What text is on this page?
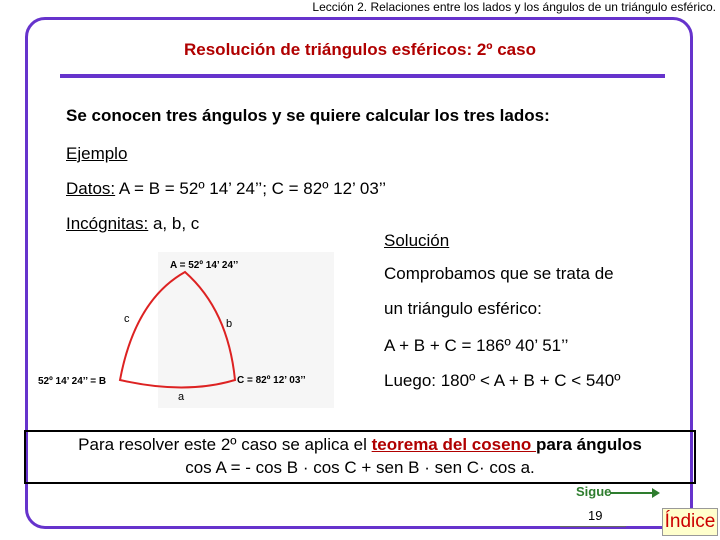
Lección 2. Relaciones entre los lados y los ángulos de un triángulo esférico.
Resolución de triángulos esféricos: 2º caso
Se conocen tres ángulos y se quiere calcular los tres lados:
Ejemplo
Datos: A = B = 52º 14’ 24’’; C = 82º 12’ 03’’
Incógnitas: a, b, c
A = 52º 14’ 24’’
52º 14’ 24’’ = B	C = 82º 12’ 03’’
c	b
a
Solución
Comprobamos que se trata de
un triángulo esférico:
A + B + C = 186º 40’ 51’’
Luego: 180º < A + B + C < 540º
Para resolver este 2º caso se aplica el teorema del coseno para ángulos
cos A = - cos B · cos C + sen B · sen C· cos a.
Sigue
19	Índice
